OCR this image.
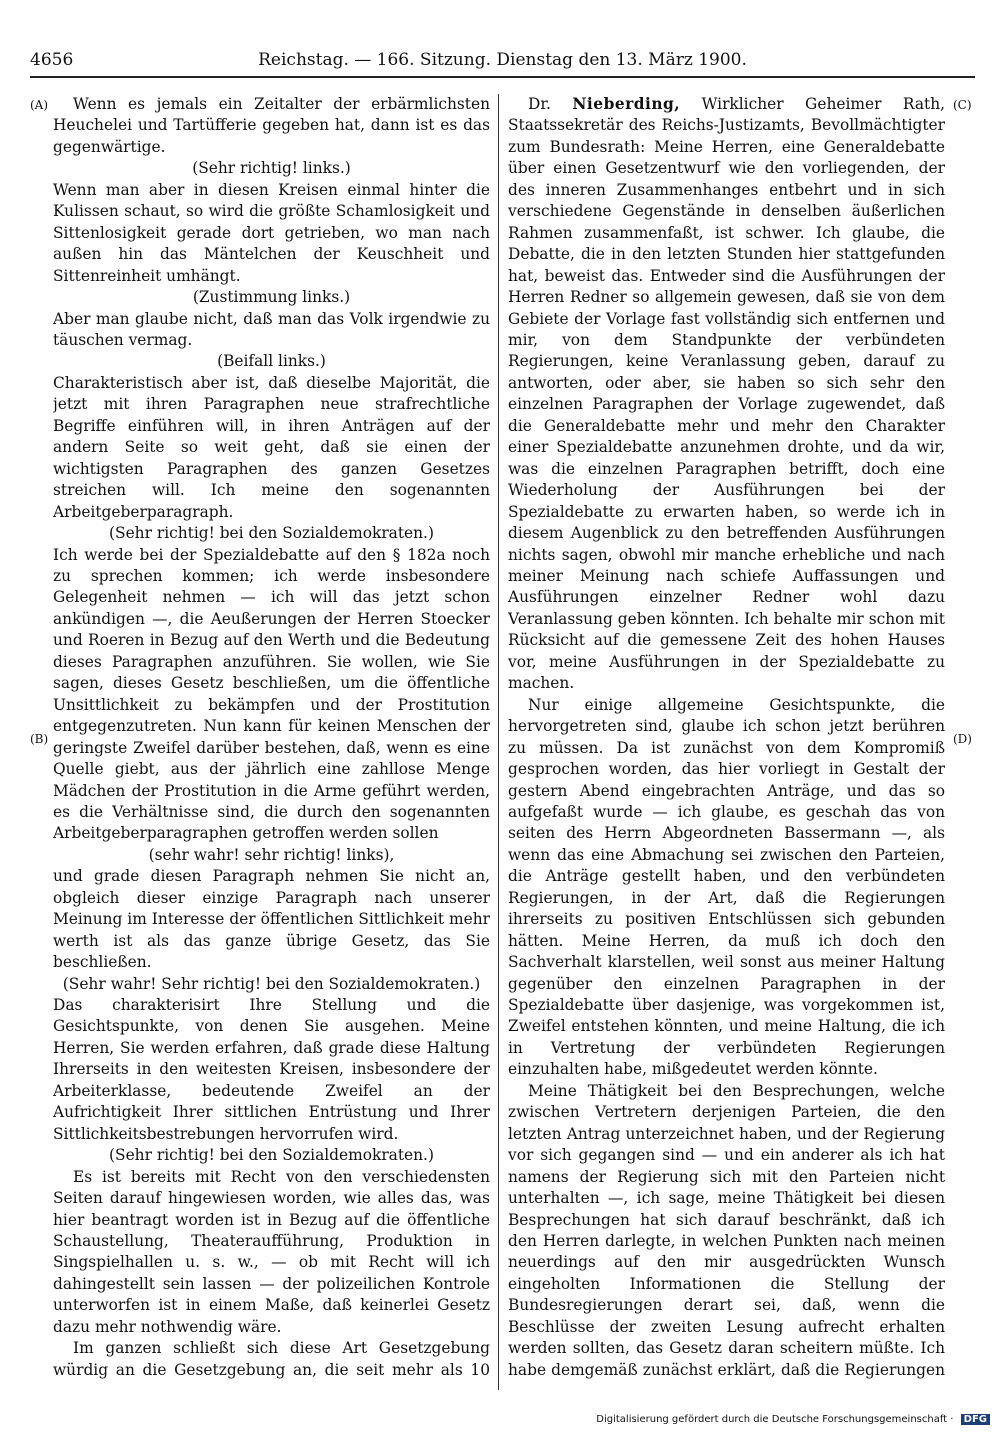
4656	Reichstag. — 166. Sitzung. Dienstag den 13. März 1900.
(A)
(B)
(C)
(D)

Wenn es jemals ein Zeitalter der erbärmlichsten Heuchelei und Tartüfferie gegeben hat, dann ist es das gegenwärtige.

(Sehr richtig! links.)

Wenn man aber in diesen Kreisen einmal hinter die Kulissen schaut, so wird die größte Schamlosigkeit und Sittenlosigkeit gerade dort getrieben, wo man nach außen hin das Mäntelchen der Keuschheit und Sittenreinheit umhängt.

(Zustimmung links.)

Aber man glaube nicht, daß man das Volk irgendwie zu täuschen vermag.

(Beifall links.)

Charakteristisch aber ist, daß dieselbe Majorität, die jetzt mit ihren Paragraphen neue strafrechtliche Begriffe einführen will, in ihren Anträgen auf der andern Seite so weit geht, daß sie einen der wichtigsten Paragraphen des ganzen Gesetzes streichen will. Ich meine den sogenannten Arbeitgeberparagraph.

(Sehr richtig! bei den Sozialdemokraten.)

Ich werde bei der Spezialdebatte auf den § 182a noch zu sprechen kommen; ich werde insbesondere Gelegenheit nehmen — ich will das jetzt schon ankündigen —, die Aeußerungen der Herren Stoecker und Roeren in Bezug auf den Werth und die Bedeutung dieses Paragraphen anzuführen. Sie wollen, wie Sie sagen, dieses Gesetz beschließen, um die öffentliche Unsittlichkeit zu bekämpfen und der Prostitution entgegenzutreten. Nun kann für keinen Menschen der geringste Zweifel darüber bestehen, daß, wenn es eine Quelle giebt, aus der jährlich eine zahllose Menge Mädchen der Prostitution in die Arme geführt werden, es die Verhältnisse sind, die durch den sogenannten Arbeitgeberparagraphen getroffen werden sollen

(sehr wahr! sehr richtig! links),

und grade diesen Paragraph nehmen Sie nicht an, obgleich dieser einzige Paragraph nach unserer Meinung im Interesse der öffentlichen Sittlichkeit mehr werth ist als das ganze übrige Gesetz, das Sie beschließen.

(Sehr wahr! Sehr richtig! bei den Sozialdemokraten.)

Das charakterisirt Ihre Stellung und die Gesichtspunkte, von denen Sie ausgehen. Meine Herren, Sie werden erfahren, daß grade diese Haltung Ihrerseits in den weitesten Kreisen, insbesondere der Arbeiterklasse, bedeutende Zweifel an der Aufrichtigkeit Ihrer sittlichen Entrüstung und Ihrer Sittlichkeitsbestrebungen hervorrufen wird.

(Sehr richtig! bei den Sozialdemokraten.)

Es ist bereits mit Recht von den verschiedensten Seiten darauf hingewiesen worden, wie alles das, was hier beantragt worden ist in Bezug auf die öffentliche Schaustellung, Theateraufführung, Produktion in Singspielhallen u. s. w., — ob mit Recht will ich dahingestellt sein lassen — der polizeilichen Kontrole unterworfen ist in einem Maße, daß keinerlei Gesetz dazu mehr nothwendig wäre.

Im ganzen schließt sich diese Art Gesetzgebung würdig an die Gesetzgebung an, die seit mehr als 10

Dr. Nieberding, Wirklicher Geheimer Rath, Staatssekretär des Reichs-Justizamts, Bevollmächtigter zum Bundesrath: Meine Herren, eine Generaldebatte über einen Gesetzentwurf wie den vorliegenden, der des inneren Zusammenhanges entbehrt und in sich verschiedene Gegenstände in denselben äußerlichen Rahmen zusammenfaßt, ist schwer. Ich glaube, die Debatte, die in den letzten Stunden hier stattgefunden hat, beweist das. Entweder sind die Ausführungen der Herren Redner so allgemein gewesen, daß sie von dem Gebiete der Vorlage fast vollständig sich entfernen und mir, von dem Standpunkte der verbündeten Regierungen, keine Veranlassung geben, darauf zu antworten, oder aber, sie haben so sich sehr den einzelnen Paragraphen der Vorlage zugewendet, daß die Generaldebatte mehr und mehr den Charakter einer Spezialdebatte anzunehmen drohte, und da wir, was die einzelnen Paragraphen betrifft, doch eine Wiederholung der Ausführungen bei der Spezialdebatte zu erwarten haben, so werde ich in diesem Augenblick zu den betreffenden Ausführungen nichts sagen, obwohl mir manche erhebliche und nach meiner Meinung nach schiefe Auffassungen und Ausführungen einzelner Redner wohl dazu Veranlassung geben könnten. Ich behalte mir schon mit Rücksicht auf die gemessene Zeit des hohen Hauses vor, meine Ausführungen in der Spezialdebatte zu machen.

Nur einige allgemeine Gesichtspunkte, die hervorgetreten sind, glaube ich schon jetzt berühren zu müssen. Da ist zunächst von dem Kompromiß gesprochen worden, das hier vorliegt in Gestalt der gestern Abend eingebrachten Anträge, und das so aufgefaßt wurde — ich glaube, es geschah das von seiten des Herrn Abgeordneten Bassermann —, als wenn das eine Abmachung sei zwischen den Parteien, die Anträge gestellt haben, und den verbündeten Regierungen, in der Art, daß die Regierungen ihrerseits zu positiven Entschlüssen sich gebunden hätten. Meine Herren, da muß ich doch den Sachverhalt klarstellen, weil sonst aus meiner Haltung gegenüber den einzelnen Paragraphen in der Spezialdebatte über dasjenige, was vorgekommen ist, Zweifel entstehen könnten, und meine Haltung, die ich in Vertretung der verbündeten Regierungen einzuhalten habe, mißgedeutet werden könnte.

Meine Thätigkeit bei den Besprechungen, welche zwischen Vertretern derjenigen Parteien, die den letzten Antrag unterzeichnet haben, und der Regierung vor sich gegangen sind — und ein anderer als ich hat namens der Regierung sich mit den Parteien nicht unterhalten —, ich sage, meine Thätigkeit bei diesen Besprechungen hat sich darauf beschränkt, daß ich den Herren darlegte, in welchen Punkten nach meinen neuerdings auf den mir ausgedrückten Wunsch eingeholten Informationen die Stellung der Bundesregierungen derart sei, daß, wenn die Beschlüsse der zweiten Lesung aufrecht erhalten werden sollten, das Gesetz daran scheitern müßte. Ich habe demgemäß zunächst erklärt, daß die Regierungen

Digitalisierung gefördert durch die Deutsche Forschungsgemeinschaft · DFG
